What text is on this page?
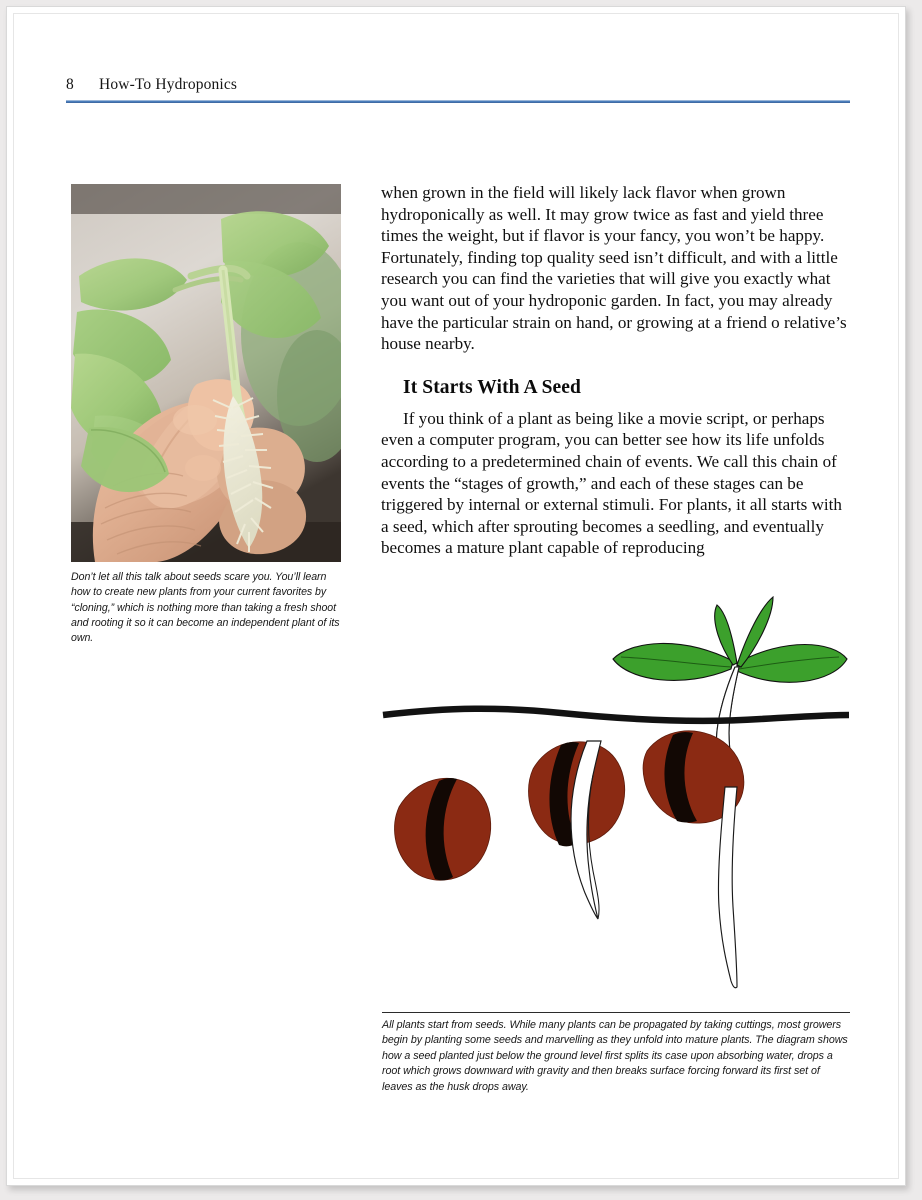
8 How-To Hydroponics
Don’t let all this talk about seeds scare you. You’ll learn how to create new plants from your current favorites by “cloning,” which is nothing more than taking a fresh shoot and rooting it so it can become an independent plant of its own.

when grown in the field will likely lack flavor when grown hydroponically as well. It may grow twice as fast and yield three times the weight, but if flavor is your fancy, you won’t be happy. Fortunately, finding top quality seed isn’t difficult, and with a little research you can find the varieties that will give you exactly what you want out of your hydroponic garden. In fact, you may already have the particular strain on hand, or growing at a friend o relative’s house nearby.

It Starts With A Seed

If you think of a plant as being like a movie script, or perhaps even a computer program, you can better see how its life unfolds according to a predetermined chain of events. We call this chain of events the “stages of growth,” and each of these stages can be triggered by internal or external stimuli. For plants, it all starts with a seed, which after sprouting becomes a seedling, and eventually becomes a mature plant capable of reproducing

All plants start from seeds. While many plants can be propagated by taking cuttings, most growers begin by planting some seeds and marvelling as they unfold into mature plants. The diagram shows how a seed planted just below the ground level first splits its case upon absorbing water, drops a root which grows downward with gravity and then breaks surface forcing forward its first set of leaves as the husk drops away.
